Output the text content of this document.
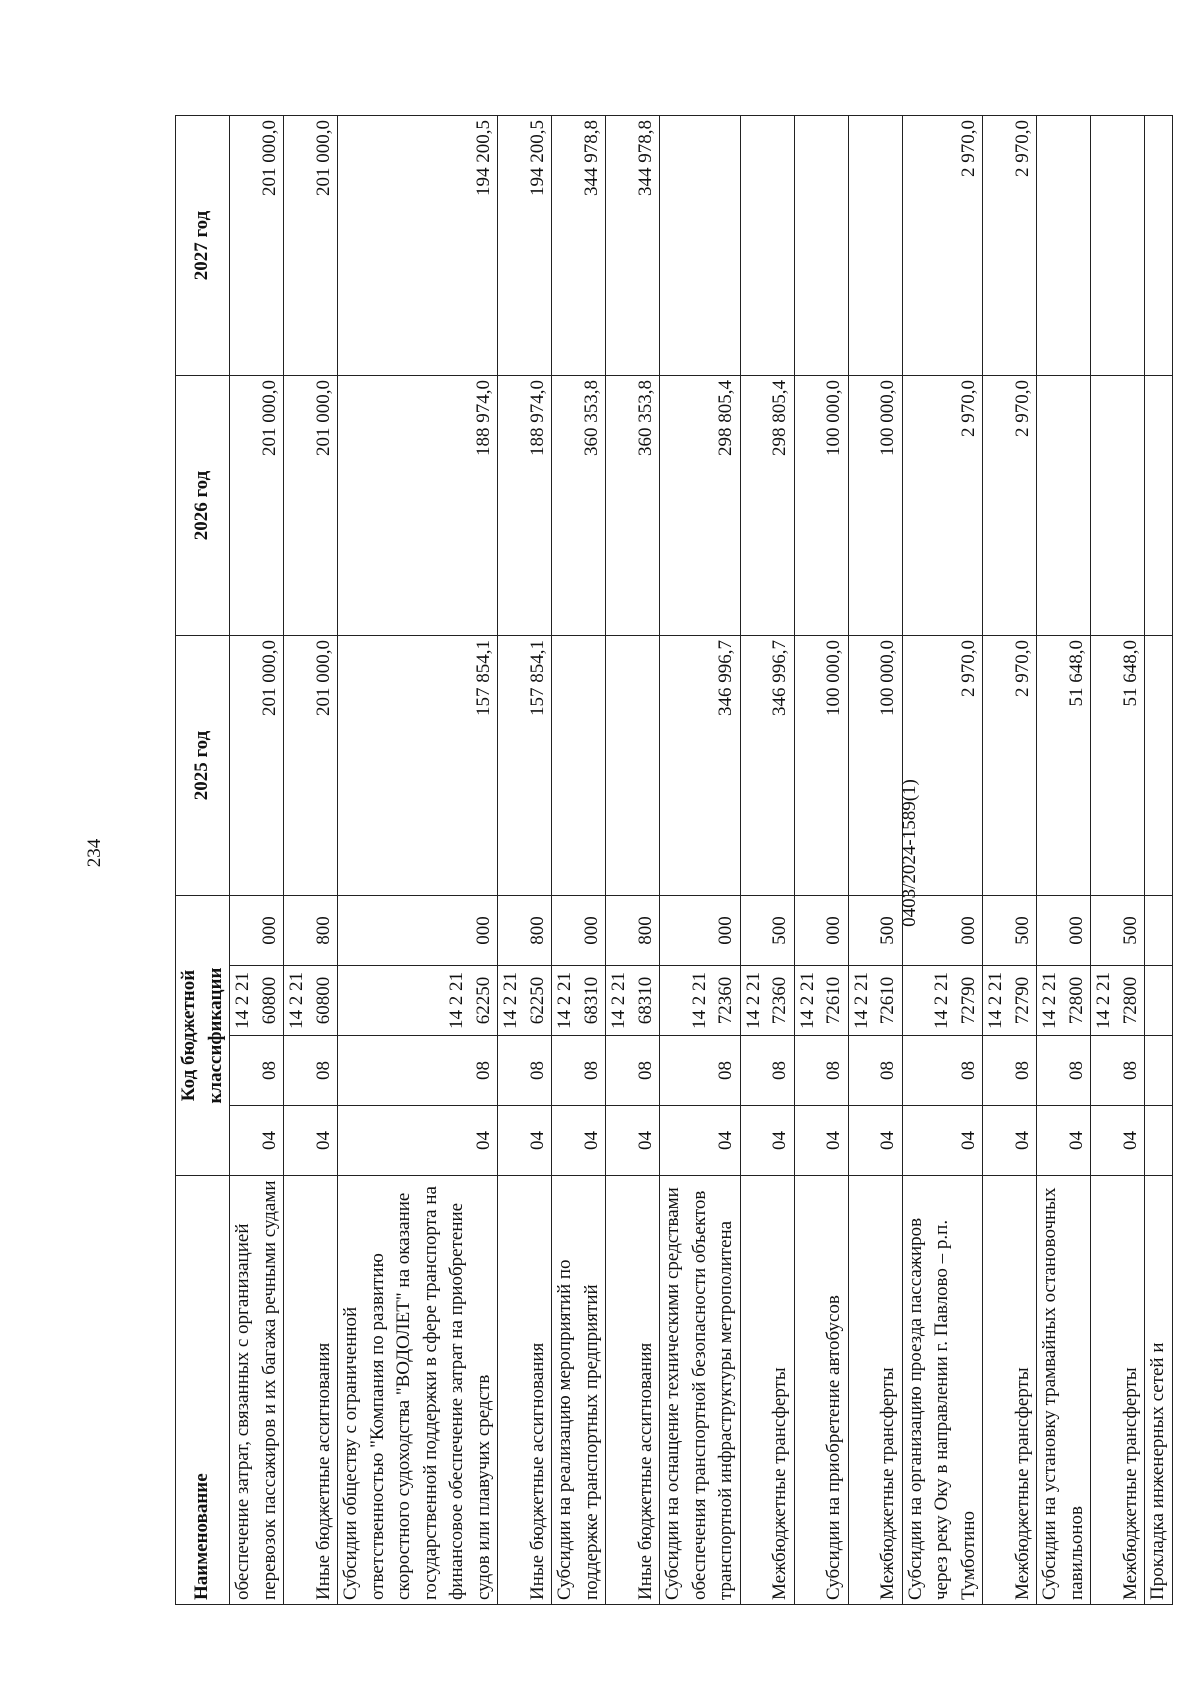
234
Наименование	Код бюджетной классификации				2025 год	2026 год	2027 год
обеспечение затрат, связанных с организацией перевозок пассажиров и их багажа речными судами	04	08	14 2 21 60800	000	201 000,0	201 000,0	201 000,0
Иные бюджетные ассигнования	04	08	14 2 21 60800	800	201 000,0	201 000,0	201 000,0
Субсидии обществу с ограниченной ответственностью "Компания по развитию скоростного судоходства "ВОДОЛЕТ" на оказание государственной поддержки в сфере транспорта на финансовое обеспечение затрат на приобретение судов или плавучих средств	04	08	14 2 21 62250	000	157 854,1	188 974,0	194 200,5
Иные бюджетные ассигнования	04	08	14 2 21 62250	800	157 854,1	188 974,0	194 200,5
Субсидии на реализацию мероприятий по поддержке транспортных предприятий	04	08	14 2 21 68310	000		360 353,8	344 978,8
Иные бюджетные ассигнования	04	08	14 2 21 68310	800		360 353,8	344 978,8
Субсидии на оснащение техническими средствами обеспечения транспортной безопасности объектов транспортной инфраструктуры метрополитена	04	08	14 2 21 72360	000	346 996,7	298 805,4	
Межбюджетные трансферты	04	08	14 2 21 72360	500	346 996,7	298 805,4	
Субсидии на приобретение автобусов	04	08	14 2 21 72610	000	100 000,0	100 000,0	
Межбюджетные трансферты	04	08	14 2 21 72610	500	100 000,0	100 000,0	
Субсидии на организацию проезда пассажиров через реку Оку в направлении г. Павлово – р.п. Тумботино	04	08	14 2 21 72790	000	2 970,0	2 970,0	2 970,0
Межбюджетные трансферты	04	08	14 2 21 72790	500	2 970,0	2 970,0	2 970,0
Субсидии на установку трамвайных остановочных павильонов	04	08	14 2 21 72800	000	51 648,0		
Межбюджетные трансферты	04	08	14 2 21 72800	500	51 648,0		
Прокладка инженерных сетей и							
0403/2024-1589(1)
